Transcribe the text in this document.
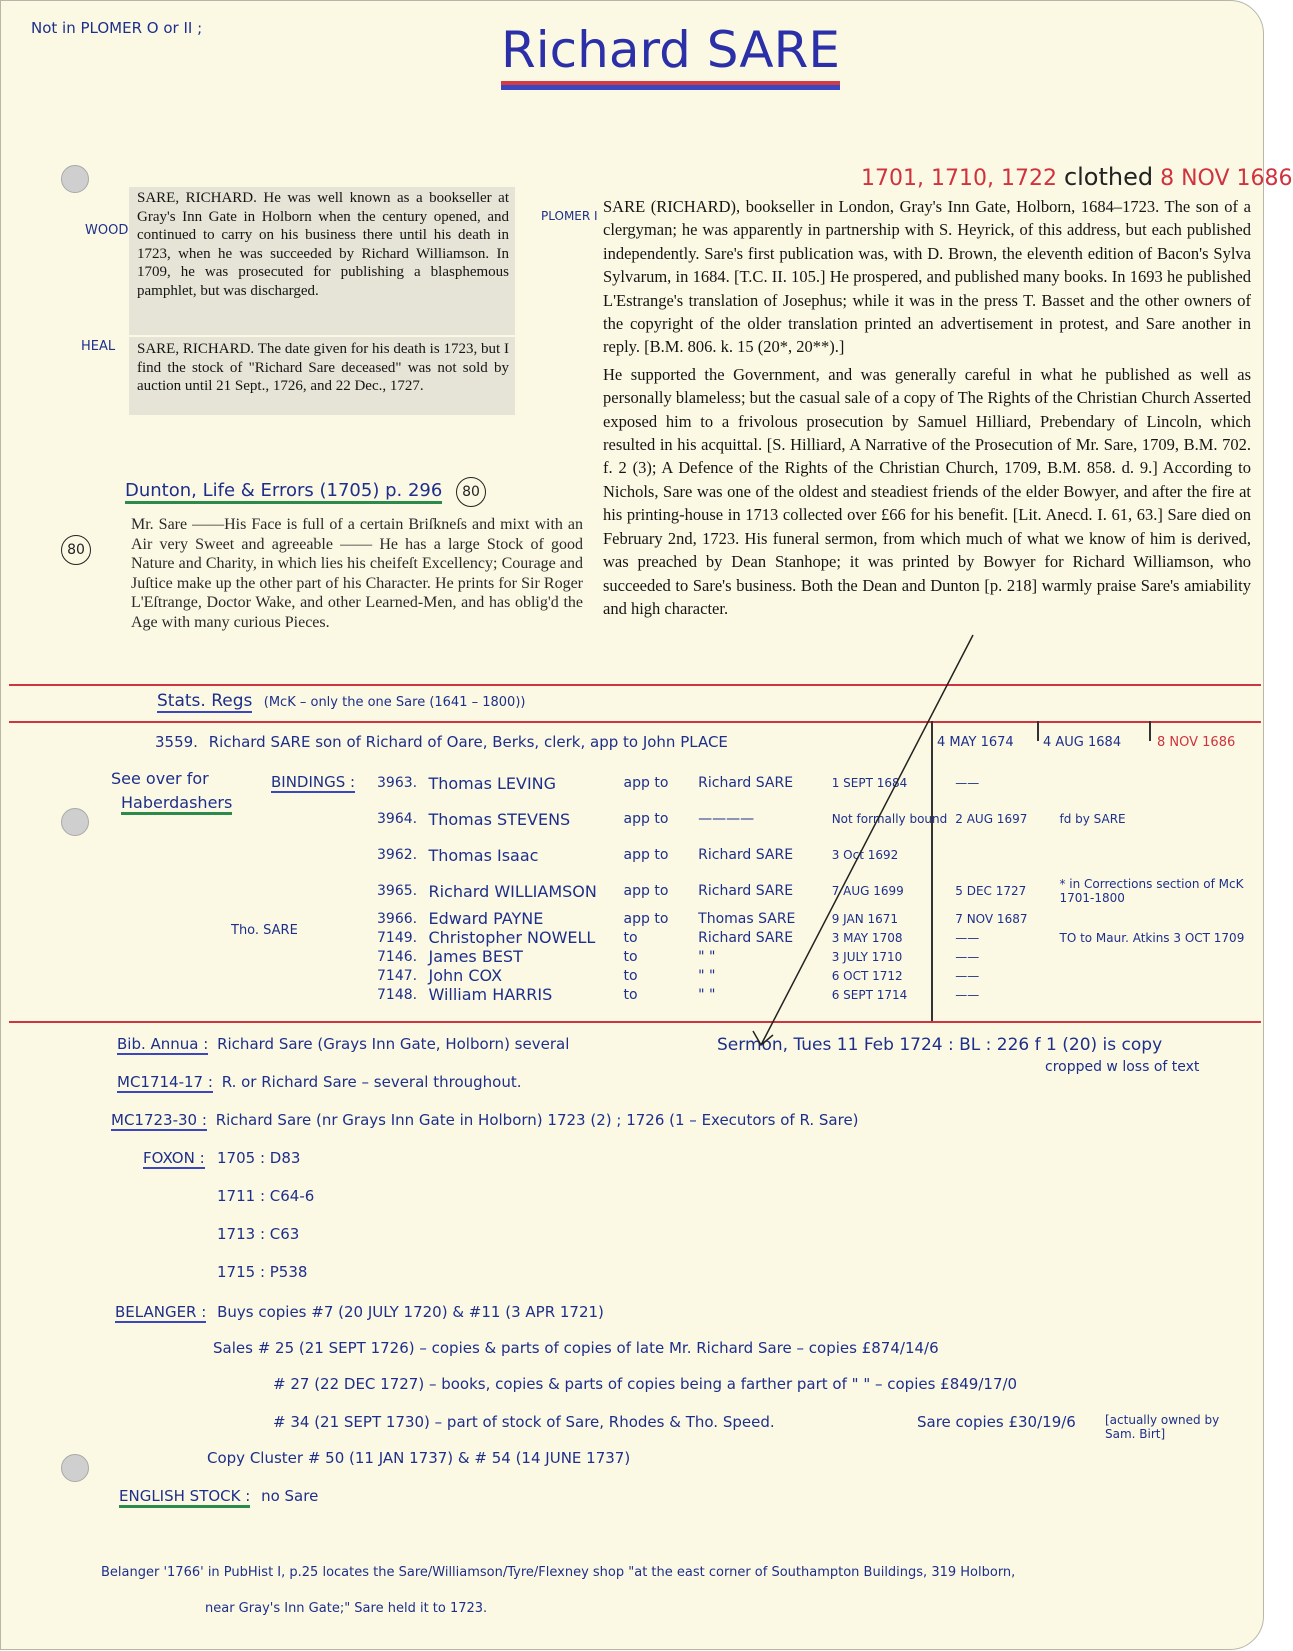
Not in PLOMER O or II ;	Richard SARE
1701, 1710, 1722 clothed 8 NOV 1686
WOOD
SARE, RICHARD. He was well known as a bookseller at Gray's Inn Gate in Holborn when the century opened, and continued to carry on his business there until his death in 1723, when he was succeeded by Richard Williamson. In 1709, he was prosecuted for publishing a blasphemous pamphlet, but was discharged.
HEAL SARE, RICHARD. The date given for his death is 1723, but I find the stock of "Richard Sare deceased" was not sold by auction until 21 Sept., 1726, and 22 Dec., 1727.
PLOMER I SARE (RICHARD), bookseller in London, Gray's Inn Gate, Holborn, 1684–1723. The son of a clergyman; he was apparently in partnership with S. Heyrick, of this address, but each published independently. Sare's first publication was, with D. Brown, the eleventh edition of Bacon's Sylva Sylvarum, in 1684. [T.C. II. 105.] He prospered, and published many books. In 1693 he published L'Estrange's translation of Josephus; while it was in the press T. Basset and the other owners of the copyright of the older translation printed an advertisement in protest, and Sare another in reply. [B.M. 806. k. 15 (20*, 20**).]
He supported the Government, and was generally careful in what he published as well as personally blameless; but the casual sale of a copy of The Rights of the Christian Church Asserted exposed him to a frivolous prosecution by Samuel Hilliard, Prebendary of Lincoln, which resulted in his acquittal. [S. Hilliard, A Narrative of the Prosecution of Mr. Sare, 1709, B.M. 702. f. 2 (3); A Defence of the Rights of the Christian Church, 1709, B.M. 858. d. 9.] According to Nichols, Sare was one of the oldest and steadiest friends of the elder Bowyer, and after the fire at his printing-house in 1713 collected over £66 for his benefit. [Lit. Anecd. I. 61, 63.] Sare died on February 2nd, 1723. His funeral sermon, from which much of what we know of him is derived, was preached by Dean Stanhope; it was printed by Bowyer for Richard Williamson, who succeeded to Sare's business. Both the Dean and Dunton [p. 218] warmly praise Sare's amiability and high character.
Dunton, Life & Errors (1705) p. 296 80
80
Mr. Sare ——His Face is full of a certain Briſkneſs and mixt with an Air very Sweet and agreeable —— He has a large Stock of good Nature and Charity, in which lies his cheifeſt Excellency; Courage and Juſtice make up the other part of his Character. He prints for Sir Roger L'Eſtrange, Doctor Wake, and other Learned-Men, and has oblig'd the Age with many curious Pieces.
Stats. Regs (McK – only the one Sare (1641 – 1800))
3559. Richard SARE son of Richard of Oare, Berks, clerk, app to John PLACE	4 MAY 1674 4 AUG 1684	8 NOV 1686
See over for
Haberdashers
BINDINGS :
Tho. SARE
3963.	Thomas LEVING	app to	Richard SARE	1 SEPT 1684	——	
3964.	Thomas STEVENS	app to	————	Not formally bound	2 AUG 1697	fd by SARE
3962.	Thomas Isaac	app to	Richard SARE	3 Oct 1692		
3965.	Richard WILLIAMSON	app to	Richard SARE	7 AUG 1699	5 DEC 1727	* in Corrections section of McK 1701-1800
3966.	Edward PAYNE	app to	Thomas SARE	9 JAN 1671	7 NOV 1687	
7149.	Christopher NOWELL	to	Richard SARE	3 MAY 1708	——	TO to Maur. Atkins 3 OCT 1709
7146.	James BEST	to	" "	3 JULY 1710	——	
7147.	John COX	to	" "	6 OCT 1712	——	
7148.	William HARRIS	to	" "	6 SEPT 1714	——	
Bib. Annua : Richard Sare (Grays Inn Gate, Holborn) several	Sermon, Tues 11 Feb 1724 : BL : 226 f 1 (20) is copy
cropped w loss of text
MC1714-17 : R. or Richard Sare – several throughout.
MC1723-30 : Richard Sare (nr Grays Inn Gate in Holborn) 1723 (2) ; 1726 (1 – Executors of R. Sare)
FOXON : 1705 : D83
1711 : C64-6
1713 : C63
1715 : P538
BELANGER : Buys copies #7 (20 JULY 1720) & #11 (3 APR 1721)
Sales # 25 (21 SEPT 1726) – copies & parts of copies of late Mr. Richard Sare – copies £874/14/6
# 27 (22 DEC 1727) – books, copies & parts of copies being a farther part of " " – copies £849/17/0
# 34 (21 SEPT 1730) – part of stock of Sare, Rhodes & Tho. Speed.	Sare copies £30/19/6 [actually owned by Sam. Birt]
Copy Cluster # 50 (11 JAN 1737) & # 54 (14 JUNE 1737)
ENGLISH STOCK : no Sare
Belanger '1766' in PubHist I, p.25 locates the Sare/Williamson/Tyre/Flexney shop "at the east corner of Southampton Buildings, 319 Holborn,
near Gray's Inn Gate;" Sare held it to 1723.
